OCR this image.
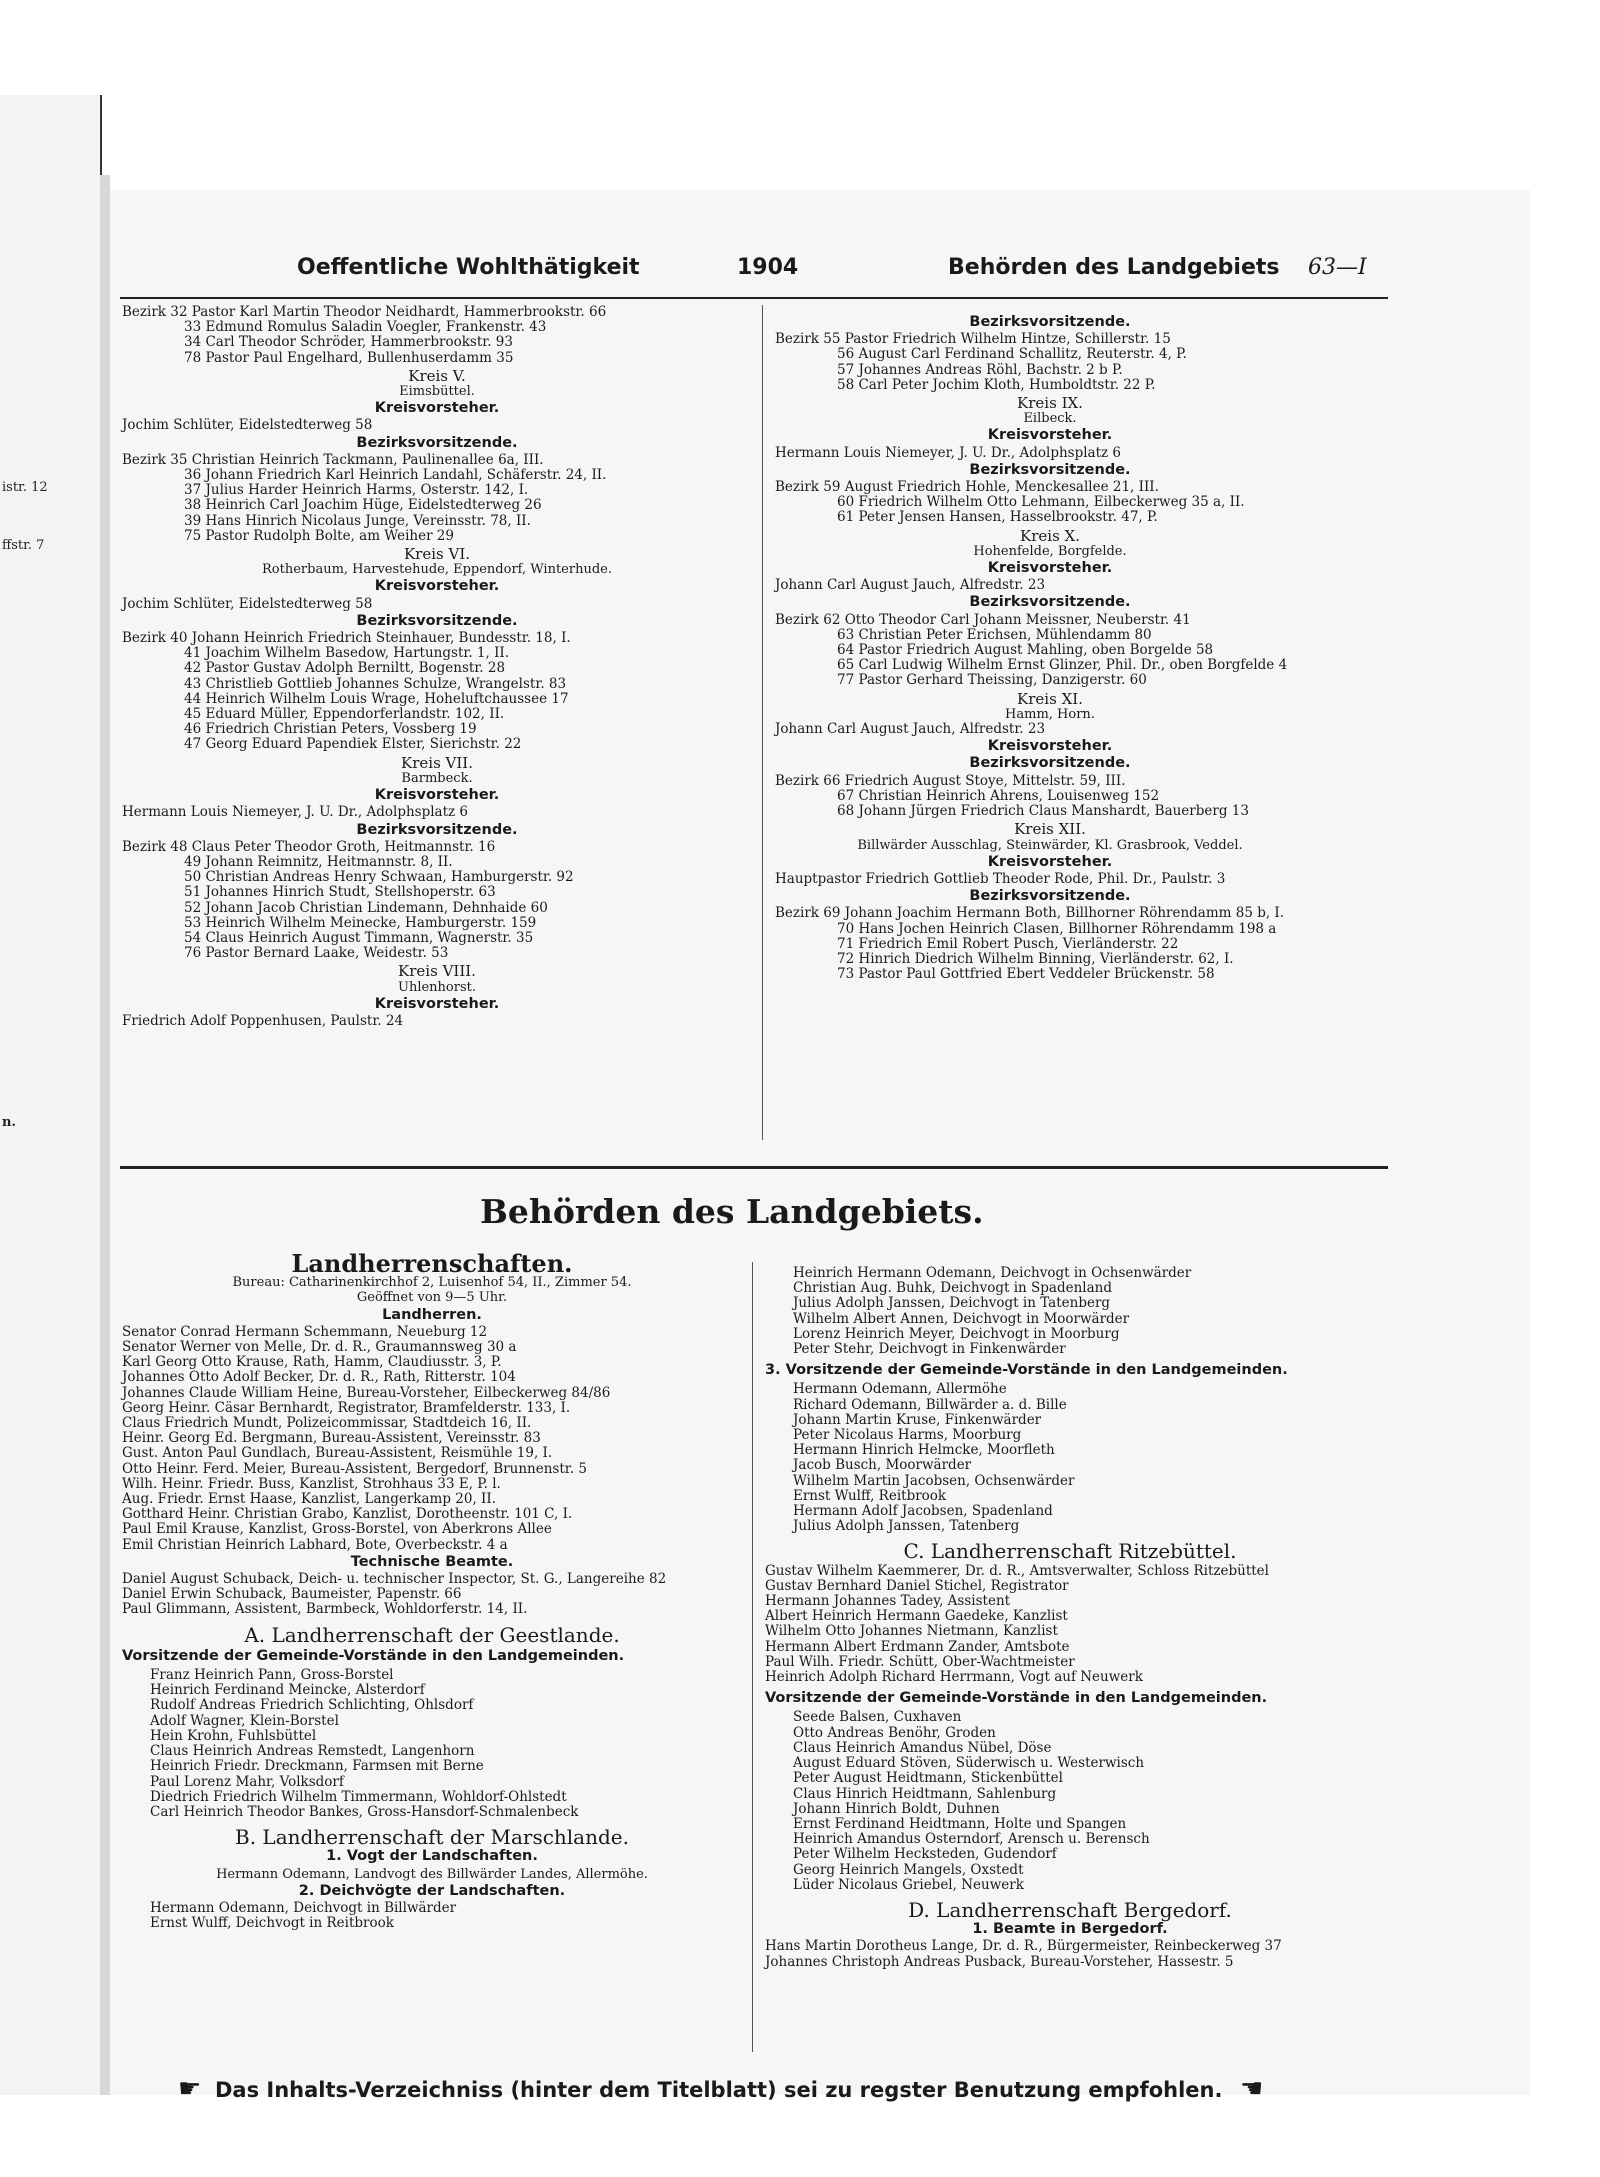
istr. 12
ffstr. 7
n.
Oeffentliche Wohlthätigkeit	1904	Behörden des Landgebiets 63—I
Bezirk 32 Pastor Karl Martin Theodor Neidhardt, Hammerbrookstr. 66
33 Edmund Romulus Saladin Voegler, Frankenstr. 43
34 Carl Theodor Schröder, Hammerbrookstr. 93
78 Pastor Paul Engelhard, Bullenhuserdamm 35
Kreis V.
Eimsbüttel.
Kreisvorsteher.
Jochim Schlüter, Eidelstedterweg 58
Bezirksvorsitzende.
Bezirk 35 Christian Heinrich Tackmann, Paulinenallee 6a, III.
36 Johann Friedrich Karl Heinrich Landahl, Schäferstr. 24, II.
37 Julius Harder Heinrich Harms, Osterstr. 142, I.
38 Heinrich Carl Joachim Hüge, Eidelstedterweg 26
39 Hans Hinrich Nicolaus Junge, Vereinsstr. 78, II.
75 Pastor Rudolph Bolte, am Weiher 29
Kreis VI.
Rotherbaum, Harvestehude, Eppendorf, Winterhude.
Kreisvorsteher.
Jochim Schlüter, Eidelstedterweg 58
Bezirksvorsitzende.
Bezirk 40 Johann Heinrich Friedrich Steinhauer, Bundesstr. 18, I.
41 Joachim Wilhelm Basedow, Hartungstr. 1, II.
42 Pastor Gustav Adolph Berniltt, Bogenstr. 28
43 Christlieb Gottlieb Johannes Schulze, Wrangelstr. 83
44 Heinrich Wilhelm Louis Wrage, Hoheluftchaussee 17
45 Eduard Müller, Eppendorferlandstr. 102, II.
46 Friedrich Christian Peters, Vossberg 19
47 Georg Eduard Papendiek Elster, Sierichstr. 22
Kreis VII.
Barmbeck.
Kreisvorsteher.
Hermann Louis Niemeyer, J. U. Dr., Adolphsplatz 6
Bezirksvorsitzende.
Bezirk 48 Claus Peter Theodor Groth, Heitmannstr. 16
49 Johann Reimnitz, Heitmannstr. 8, II.
50 Christian Andreas Henry Schwaan, Hamburgerstr. 92
51 Johannes Hinrich Studt, Stellshoperstr. 63
52 Johann Jacob Christian Lindemann, Dehnhaide 60
53 Heinrich Wilhelm Meinecke, Hamburgerstr. 159
54 Claus Heinrich August Timmann, Wagnerstr. 35
76 Pastor Bernard Laake, Weidestr. 53
Kreis VIII.
Uhlenhorst.
Kreisvorsteher.
Friedrich Adolf Poppenhusen, Paulstr. 24
Bezirksvorsitzende.
Bezirk 55 Pastor Friedrich Wilhelm Hintze, Schillerstr. 15
56 August Carl Ferdinand Schallitz, Reuterstr. 4, P.
57 Johannes Andreas Röhl, Bachstr. 2 b P.
58 Carl Peter Jochim Kloth, Humboldtstr. 22 P.
Kreis IX.
Eilbeck.
Kreisvorsteher.
Hermann Louis Niemeyer, J. U. Dr., Adolphsplatz 6
Bezirksvorsitzende.
Bezirk 59 August Friedrich Hohle, Menckesallee 21, III.
60 Friedrich Wilhelm Otto Lehmann, Eilbeckerweg 35 a, II.
61 Peter Jensen Hansen, Hasselbrookstr. 47, P.
Kreis X.
Hohenfelde, Borgfelde.
Kreisvorsteher.
Johann Carl August Jauch, Alfredstr. 23
Bezirksvorsitzende.
Bezirk 62 Otto Theodor Carl Johann Meissner, Neuberstr. 41
63 Christian Peter Erichsen, Mühlendamm 80
64 Pastor Friedrich August Mahling, oben Borgelde 58
65 Carl Ludwig Wilhelm Ernst Glinzer, Phil. Dr., oben Borgfelde 4
77 Pastor Gerhard Theissing, Danzigerstr. 60
Kreis XI.
Hamm, Horn.
Johann Carl August Jauch, Alfredstr. 23
Kreisvorsteher.
Bezirksvorsitzende.
Bezirk 66 Friedrich August Stoye, Mittelstr. 59, III.
67 Christian Heinrich Ahrens, Louisenweg 152
68 Johann Jürgen Friedrich Claus Manshardt, Bauerberg 13
Kreis XII.
Billwärder Ausschlag, Steinwärder, Kl. Grasbrook, Veddel.
Kreisvorsteher.
Hauptpastor Friedrich Gottlieb Theoder Rode, Phil. Dr., Paulstr. 3
Bezirksvorsitzende.
Bezirk 69 Johann Joachim Hermann Both, Billhorner Röhrendamm 85 b, I.
70 Hans Jochen Heinrich Clasen, Billhorner Röhrendamm 198 a
71 Friedrich Emil Robert Pusch, Vierländerstr. 22
72 Hinrich Diedrich Wilhelm Binning, Vierländerstr. 62, I.
73 Pastor Paul Gottfried Ebert Veddeler Brückenstr. 58
Behörden des Landgebiets.
Landherrenschaften.
Bureau: Catharinenkirchhof 2, Luisenhof 54, II., Zimmer 54.
Geöffnet von 9—5 Uhr.
Landherren.
Senator Conrad Hermann Schemmann, Neueburg 12
Senator Werner von Melle, Dr. d. R., Graumannsweg 30 a
Karl Georg Otto Krause, Rath, Hamm, Claudiusstr. 3, P.
Johannes Otto Adolf Becker, Dr. d. R., Rath, Ritterstr. 104
Johannes Claude William Heine, Bureau-Vorsteher, Eilbeckerweg 84/86
Georg Heinr. Cäsar Bernhardt, Registrator, Bramfelderstr. 133, I.
Claus Friedrich Mundt, Polizeicommissar, Stadtdeich 16, II.
Heinr. Georg Ed. Bergmann, Bureau-Assistent, Vereinsstr. 83
Gust. Anton Paul Gundlach, Bureau-Assistent, Reismühle 19, I.
Otto Heinr. Ferd. Meier, Bureau-Assistent, Bergedorf, Brunnenstr. 5
Wilh. Heinr. Friedr. Buss, Kanzlist, Strohhaus 33 E, P. l.
Aug. Friedr. Ernst Haase, Kanzlist, Langerkamp 20, II.
Gotthard Heinr. Christian Grabo, Kanzlist, Dorotheenstr. 101 C, I.
Paul Emil Krause, Kanzlist, Gross-Borstel, von Aberkrons Allee
Emil Christian Heinrich Labhard, Bote, Overbeckstr. 4 a
Technische Beamte.
Daniel August Schuback, Deich- u. technischer Inspector, St. G., Langereihe 82
Daniel Erwin Schuback, Baumeister, Papenstr. 66
Paul Glimmann, Assistent, Barmbeck, Wohldorferstr. 14, II.
A. Landherrenschaft der Geestlande.
Vorsitzende der Gemeinde-Vorstände in den Landgemeinden.
Franz Heinrich Pann, Gross-Borstel
Heinrich Ferdinand Meincke, Alsterdorf
Rudolf Andreas Friedrich Schlichting, Ohlsdorf
Adolf Wagner, Klein-Borstel
Hein Krohn, Fuhlsbüttel
Claus Heinrich Andreas Remstedt, Langenhorn
Heinrich Friedr. Dreckmann, Farmsen mit Berne
Paul Lorenz Mahr, Volksdorf
Diedrich Friedrich Wilhelm Timmermann, Wohldorf-Ohlstedt
Carl Heinrich Theodor Bankes, Gross-Hansdorf-Schmalenbeck
B. Landherrenschaft der Marschlande.
1. Vogt der Landschaften.
Hermann Odemann, Landvogt des Billwärder Landes, Allermöhe.
2. Deichvögte der Landschaften.
Hermann Odemann, Deichvogt in Billwärder
Ernst Wulff, Deichvogt in Reitbrook
Heinrich Hermann Odemann, Deichvogt in Ochsenwärder
Christian Aug. Buhk, Deichvogt in Spadenland
Julius Adolph Janssen, Deichvogt in Tatenberg
Wilhelm Albert Annen, Deichvogt in Moorwärder
Lorenz Heinrich Meyer, Deichvogt in Moorburg
Peter Stehr, Deichvogt in Finkenwärder
3. Vorsitzende der Gemeinde-Vorstände in den Landgemeinden.
Hermann Odemann, Allermöhe
Richard Odemann, Billwärder a. d. Bille
Johann Martin Kruse, Finkenwärder
Peter Nicolaus Harms, Moorburg
Hermann Hinrich Helmcke, Moorfleth
Jacob Busch, Moorwärder
Wilhelm Martin Jacobsen, Ochsenwärder
Ernst Wulff, Reitbrook
Hermann Adolf Jacobsen, Spadenland
Julius Adolph Janssen, Tatenberg
C. Landherrenschaft Ritzebüttel.
Gustav Wilhelm Kaemmerer, Dr. d. R., Amtsverwalter, Schloss Ritzebüttel
Gustav Bernhard Daniel Stichel, Registrator
Hermann Johannes Tadey, Assistent
Albert Heinrich Hermann Gaedeke, Kanzlist
Wilhelm Otto Johannes Nietmann, Kanzlist
Hermann Albert Erdmann Zander, Amtsbote
Paul Wilh. Friedr. Schütt, Ober-Wachtmeister
Heinrich Adolph Richard Herrmann, Vogt auf Neuwerk
Vorsitzende der Gemeinde-Vorstände in den Landgemeinden.
Seede Balsen, Cuxhaven
Otto Andreas Benöhr, Groden
Claus Heinrich Amandus Nübel, Döse
August Eduard Stöven, Süderwisch u. Westerwisch
Peter August Heidtmann, Stickenbüttel
Claus Hinrich Heidtmann, Sahlenburg
Johann Hinrich Boldt, Duhnen
Ernst Ferdinand Heidtmann, Holte und Spangen
Heinrich Amandus Osterndorf, Arensch u. Berensch
Peter Wilhelm Hecksteden, Gudendorf
Georg Heinrich Mangels, Oxstedt
Lüder Nicolaus Griebel, Neuwerk
D. Landherrenschaft Bergedorf.
1. Beamte in Bergedorf.
Hans Martin Dorotheus Lange, Dr. d. R., Bürgermeister, Reinbeckerweg 37
Johannes Christoph Andreas Pusback, Bureau-Vorsteher, Hassestr. 5
☛ Das Inhalts-Verzeichniss (hinter dem Titelblatt) sei zu regster Benutzung empfohlen. ☚
